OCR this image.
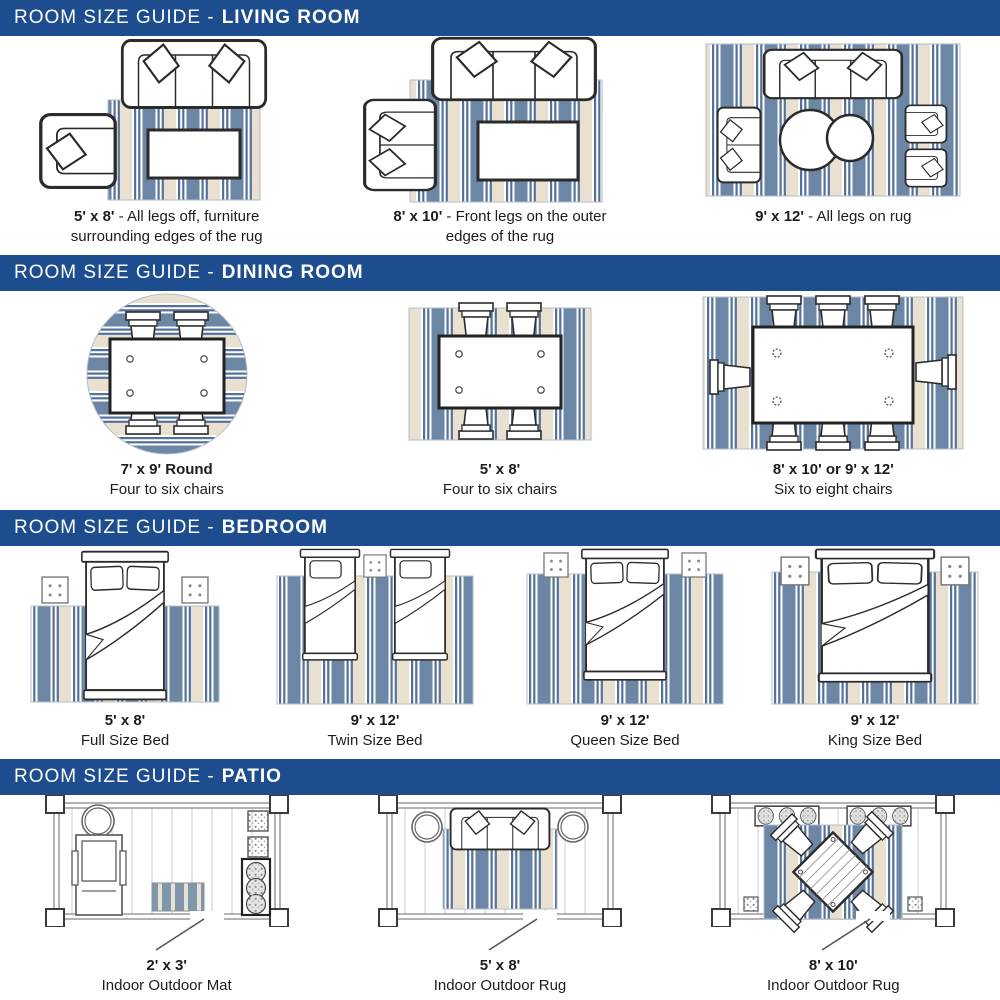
ROOM SIZE GUIDE - LIVING ROOM
5' x 8' - All legs off, furniture surrounding edges of the rug
8' x 10' - Front legs on the outer edges of the rug
9' x 12' - All legs on rug
ROOM SIZE GUIDE - DINING ROOM
7' x 9' Round
Four to six chairs
5' x 8'
Four to six chairs
8' x 10' or 9' x 12'
Six to eight chairs
ROOM SIZE GUIDE - BEDROOM
5' x 8'
Full Size Bed
9' x 12'
Twin Size Bed
9' x 12'
Queen Size Bed
9' x 12'
King Size Bed
ROOM SIZE GUIDE - PATIO
2' x 3'
Indoor Outdoor Mat
5' x 8'
Indoor Outdoor Rug
8' x 10'
Indoor Outdoor Rug
